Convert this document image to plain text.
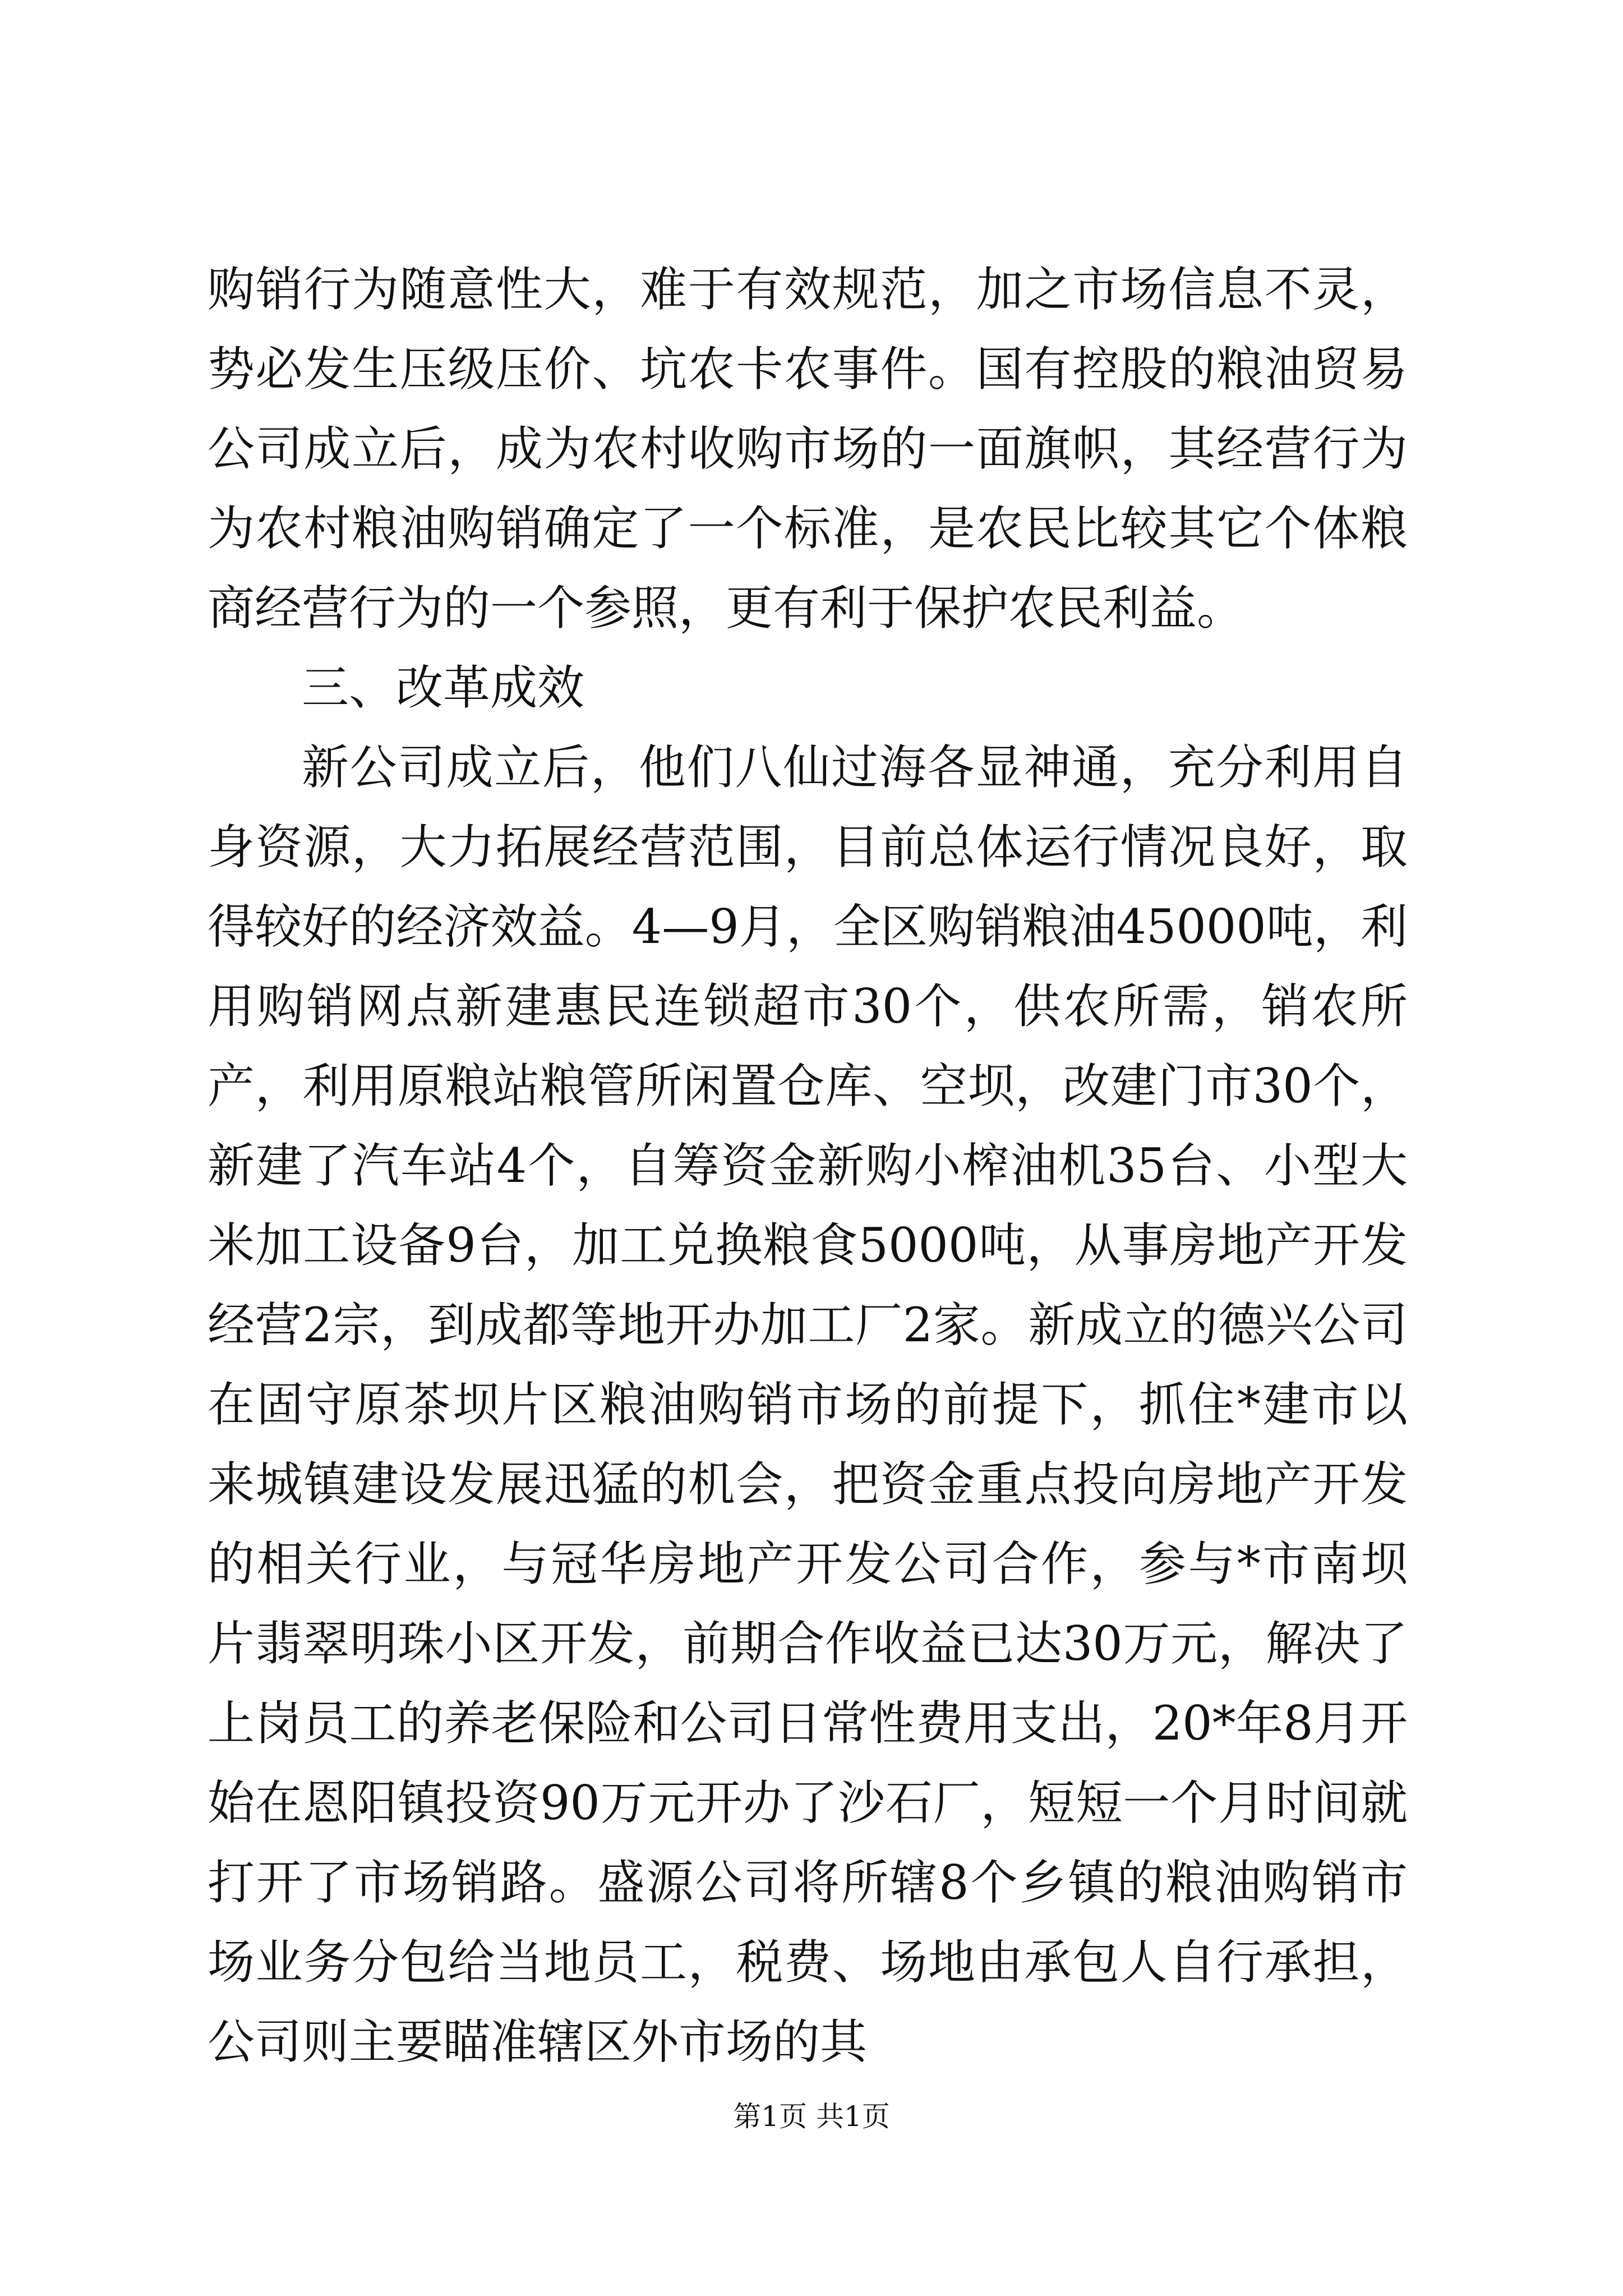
购销行为随意性大，难于有效规范，加之市场信息不灵，势必发生压级压价、坑农卡农事件。国有控股的粮油贸易公司成立后，成为农村收购市场的一面旗帜，其经营行为为农村粮油购销确定了一个标准，是农民比较其它个体粮商经营行为的一个参照，更有利于保护农民利益。

三、改革成效

新公司成立后，他们八仙过海各显神通，充分利用自身资源，大力拓展经营范围，目前总体运行情况良好，取得较好的经济效益。4—9月，全区购销粮油45000吨，利用购销网点新建惠民连锁超市30个，供农所需，销农所产，利用原粮站粮管所闲置仓库、空坝，改建门市30个，新建了汽车站4个，自筹资金新购小榨油机35台、小型大米加工设备9台，加工兑换粮食5000吨，从事房地产开发经营2宗，到成都等地开办加工厂2家。新成立的德兴公司在固守原茶坝片区粮油购销市场的前提下，抓住*建市以来城镇建设发展迅猛的机会，把资金重点投向房地产开发的相关行业，与冠华房地产开发公司合作，参与*市南坝片翡翠明珠小区开发，前期合作收益已达30万元，解决了上岗员工的养老保险和公司日常性费用支出，20*年8月开始在恩阳镇投资90万元开办了沙石厂，短短一个月时间就打开了市场销路。盛源公司将所辖8个乡镇的粮油购销市场业务分包给当地员工，税费、场地由承包人自行承担，公司则主要瞄准辖区外市场的其

第1页 共1页
